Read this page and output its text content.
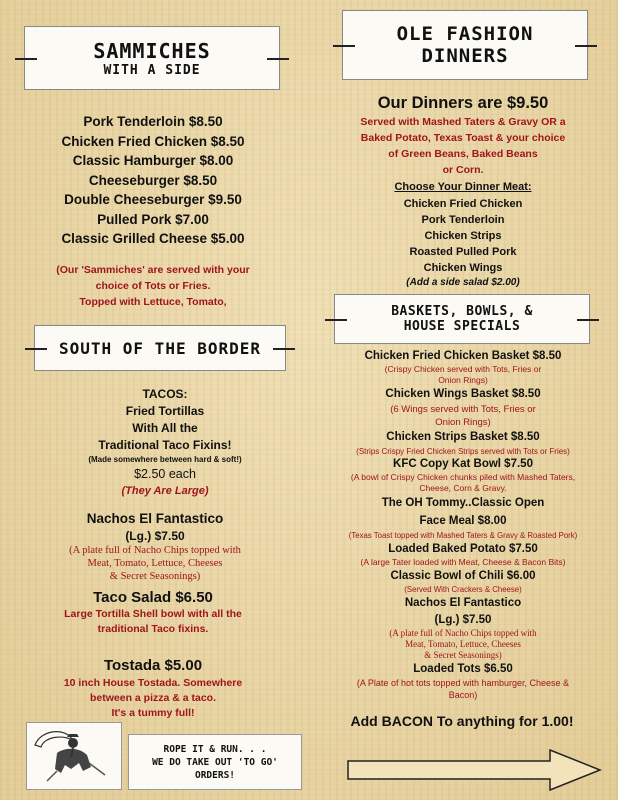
SAMMICHES
WITH A SIDE
Pork Tenderloin $8.50
Chicken Fried Chicken $8.50
Classic Hamburger $8.00
Cheeseburger $8.50
Double Cheeseburger $9.50
Pulled Pork $7.00
Classic Grilled Cheese $5.00
(Our 'Sammiches' are served with your
choice of Tots or Fries.
Topped with Lettuce, Tomato,
SOUTH OF THE BORDER
TACOS:
Fried Tortillas
With All the
Traditional Taco Fixins!
(Made somewhere between hard & soft!)
$2.50 each
(They Are Large)
Nachos El Fantastico
(Lg.) $7.50
(A plate full of Nacho Chips topped with
Meat, Tomato, Lettuce, Cheeses
& Secret Seasonings)
Taco Salad $6.50
Large Tortilla Shell bowl with all the
traditional Taco fixins.
Tostada $5.00
10 inch House Tostada. Somewhere
between a pizza & a taco.
It's a tummy full!
ROPE IT & RUN. . .
WE DO TAKE OUT 'TO GO'
ORDERS!
OLE FASHION
DINNERS
Our Dinners are $9.50
Served with Mashed Taters & Gravy OR a
Baked Potato, Texas Toast & your choice
of Green Beans, Baked Beans
or Corn.
Choose Your Dinner Meat:
Chicken Fried Chicken
Pork Tenderloin
Chicken Strips
Roasted Pulled Pork
Chicken Wings
(Add a side salad $2.00)
BASKETS, BOWLS, &
HOUSE SPECIALS
Chicken Fried Chicken Basket $8.50
(Crispy Chicken served with Tots, Fries or
Onion Rings)
Chicken Wings Basket $8.50
(6 Wings served with Tots, Fries or
Onion Rings)
Chicken Strips Basket $8.50
(Strips Crispy Fried Chicken Strips served with Tots or Fries)
KFC Copy Kat Bowl $7.50
(A bowl of Crispy Chicken chunks piled with Mashed Taters,
Cheese, Corn & Gravy.
The OH Tommy..Classic Open
Face Meal $8.00
(Texas Toast topped with Mashed Taters & Gravy & Roasted Pork)
Loaded Baked Potato $7.50
(A large Tater loaded with Meat, Cheese & Bacon Bits)
Classic Bowl of Chili $6.00
(Served With Crackers & Cheese)
Nachos El Fantastico
(Lg.) $7.50
(A plate full of Nacho Chips topped with
Meat, Tomato, Lettuce, Cheeses
& Secret Seasonings)
Loaded Tots $6.50
(A Plate of hot tots topped with hamburger, Cheese &
Bacon)
Add BACON To anything for 1.00!
